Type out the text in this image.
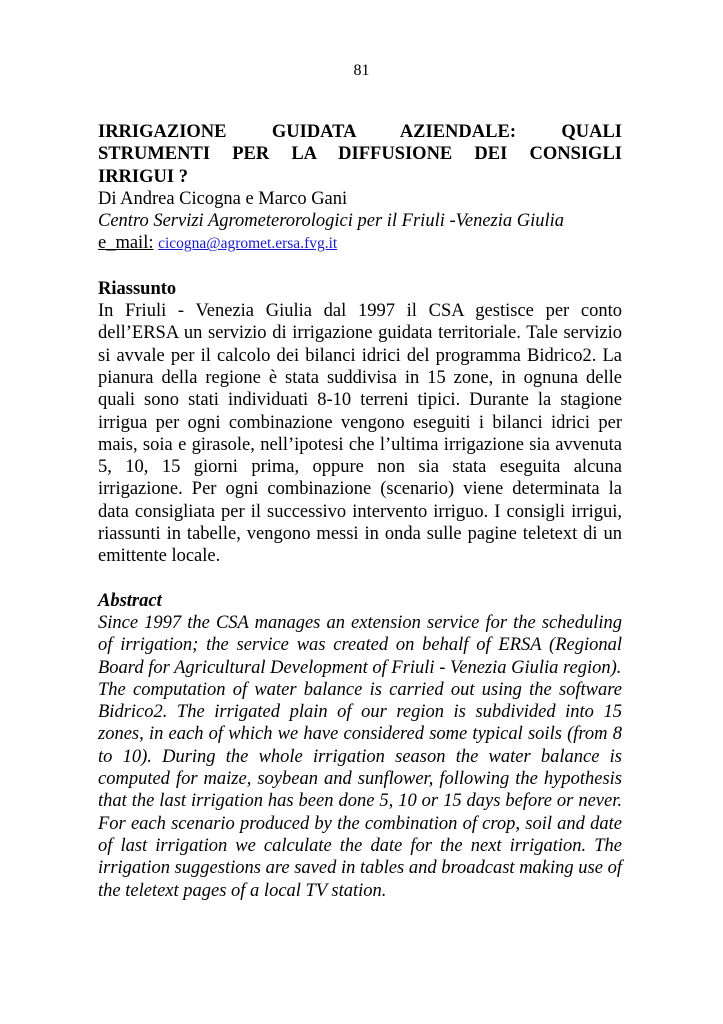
81
IRRIGAZIONE GUIDATA AZIENDALE: QUALI
STRUMENTI PER LA DIFFUSIONE DEI CONSIGLI
IRRIGUI ?

Di Andrea Cicogna e Marco Gani

Centro Servizi Agrometerorologici per il Friuli -Venezia Giulia

e_mail: cicogna@agromet.ersa.fvg.it

Riassunto

In Friuli - Venezia Giulia dal 1997 il CSA gestisce per conto dell’ERSA un servizio di irrigazione guidata territoriale. Tale servizio si avvale per il calcolo dei bilanci idrici del programma Bidrico2. La pianura della regione è stata suddivisa in 15 zone, in ognuna delle quali sono stati individuati 8-10 terreni tipici. Durante la stagione irrigua per ogni combinazione vengono eseguiti i bilanci idrici per mais, soia e girasole, nell’ipotesi che l’ultima irrigazione sia avvenuta 5, 10, 15 giorni prima, oppure non sia stata eseguita alcuna irrigazione. Per ogni combinazione (scenario) viene determinata la data consigliata per il successivo intervento irriguo. I consigli irrigui, riassunti in tabelle, vengono messi in onda sulle pagine teletext di un emittente locale.

Abstract

Since 1997 the CSA manages an extension service for the scheduling of irrigation; the service was created on behalf of ERSA (Regional Board for Agricultural Development of Friuli - Venezia Giulia region).

The computation of water balance is carried out using the software Bidrico2. The irrigated plain of our region is subdivided into 15 zones, in each of which we have considered some typical soils (from 8 to 10). During the whole irrigation season the water balance is computed for maize, soybean and sunflower, following the hypothesis that the last irrigation has been done 5, 10 or 15 days before or never. For each scenario produced by the combination of crop, soil and date of last irrigation we calculate the date for the next irrigation. The irrigation suggestions are saved in tables and broadcast making use of the teletext pages of a local TV station.
